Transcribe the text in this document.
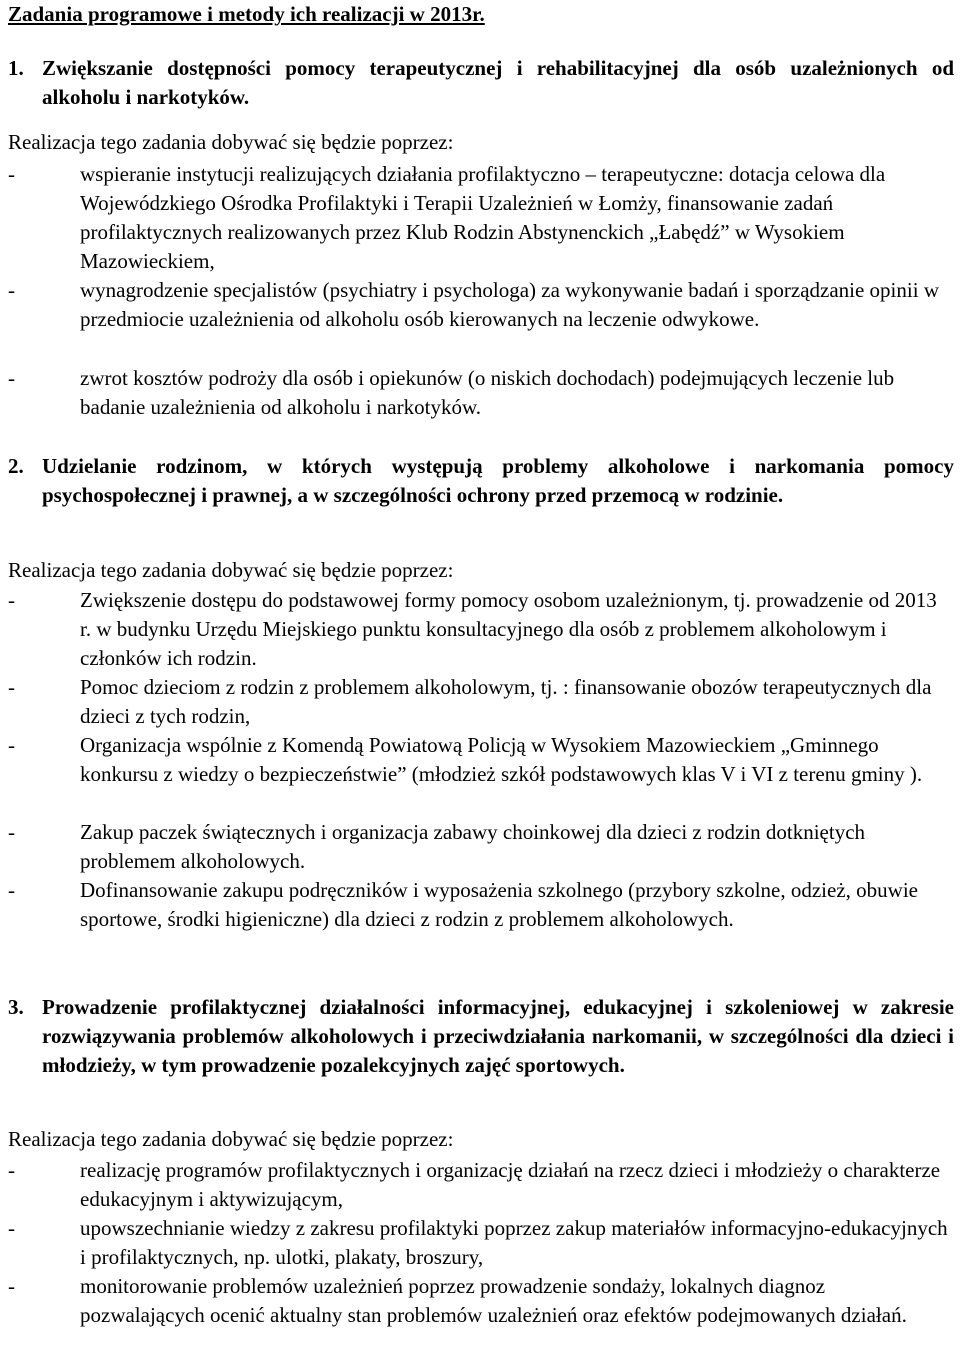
Zadania programowe i metody ich realizacji w 2013r.
1. Zwiększanie dostępności pomocy terapeutycznej i rehabilitacyjnej dla osób uzależnionych od alkoholu i narkotyków.
Realizacja tego zadania dobywać się będzie poprzez:
-	wspieranie instytucji realizujących działania profilaktyczno – terapeutyczne: dotacja celowa dla Wojewódzkiego Ośrodka Profilaktyki i Terapii Uzależnień w Łomży, finansowanie zadań profilaktycznych realizowanych przez Klub Rodzin Abstynenckich „Łabędź” w Wysokiem Mazowieckiem,
-	wynagrodzenie specjalistów (psychiatry i psychologa) za wykonywanie badań i sporządzanie opinii w przedmiocie uzależnienia od alkoholu osób kierowanych na leczenie odwykowe.
-	zwrot kosztów podroży dla osób i opiekunów (o niskich dochodach) podejmujących leczenie lub badanie uzależnienia od alkoholu i narkotyków.
2. Udzielanie rodzinom, w których występują problemy alkoholowe i narkomania pomocy psychospołecznej i prawnej, a w szczególności ochrony przed przemocą w rodzinie.
Realizacja tego zadania dobywać się będzie poprzez:
-	Zwiększenie dostępu do podstawowej formy pomocy osobom uzależnionym, tj. prowadzenie od 2013 r. w budynku Urzędu Miejskiego punktu konsultacyjnego dla osób z problemem alkoholowym i członków ich rodzin.
-	Pomoc dzieciom z rodzin z problemem alkoholowym, tj. : finansowanie obozów terapeutycznych dla dzieci z tych rodzin,
-	Organizacja wspólnie z Komendą Powiatową Policją w Wysokiem Mazowieckiem „Gminnego konkursu z wiedzy o bezpieczeństwie” (młodzież szkół podstawowych klas V i VI z terenu gminy ).
-	Zakup paczek świątecznych i organizacja zabawy choinkowej dla dzieci z rodzin dotkniętych problemem alkoholowych.
-	Dofinansowanie zakupu podręczników i wyposażenia szkolnego (przybory szkolne, odzież, obuwie sportowe, środki higieniczne) dla dzieci z rodzin z problemem alkoholowych.
3. Prowadzenie profilaktycznej działalności informacyjnej, edukacyjnej i szkoleniowej w zakresie rozwiązywania problemów alkoholowych i przeciwdziałania narkomanii, w szczególności dla dzieci i młodzieży, w tym prowadzenie pozalekcyjnych zajęć sportowych.
Realizacja tego zadania dobywać się będzie poprzez:
-	realizację programów profilaktycznych i organizację działań na rzecz dzieci i młodzieży o charakterze edukacyjnym i aktywizującym,
-	upowszechnianie wiedzy z zakresu profilaktyki poprzez zakup materiałów informacyjno-edukacyjnych i profilaktycznych, np. ulotki, plakaty, broszury,
-	monitorowanie problemów uzależnień poprzez prowadzenie sondaży, lokalnych diagnoz pozwalających ocenić aktualny stan problemów uzależnień oraz efektów podejmowanych działań.
